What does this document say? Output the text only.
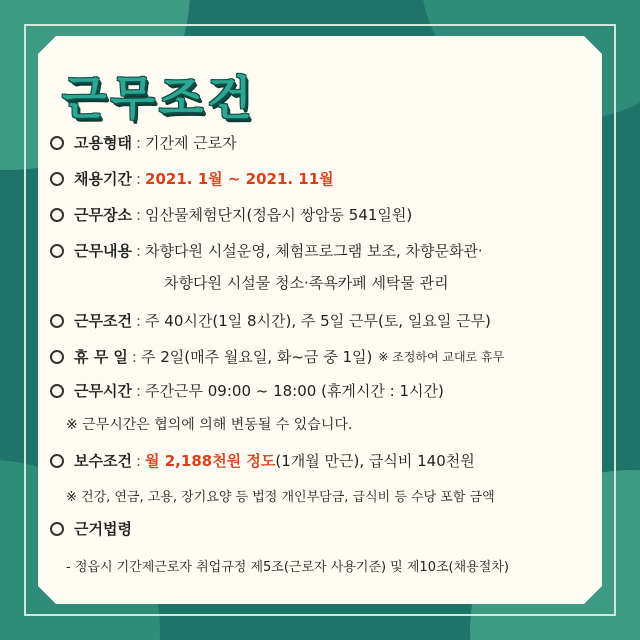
근무조건
고용형태 : 기간제 근로자
채용기간 : 2021. 1월 ~ 2021. 11월
근무장소 : 임산물체험단지(정읍시 쌍암동 541일원)
근무내용 : 차향다원 시설운영, 체험프로그램 보조, 차향문화관·
차향다원 시설물 청소·족욕카페 세탁물 관리
근무조건 : 주 40시간(1일 8시간), 주 5일 근무(토, 일요일 근무)
휴 무 일 : 주 2일(매주 월요일, 화~금 중 1일) ※ 조정하여 교대로 휴무
근무시간 : 주간근무 09:00 ~ 18:00 (휴게시간 : 1시간)
※ 근무시간은 협의에 의해 변동될 수 있습니다.
보수조건 : 월 2,188천원 정도 (1개월 만근), 급식비 140천원
※ 건강, 연금, 고용, 장기요양 등 법정 개인부담금, 급식비 등 수당 포함 금액
근거법령
- 정읍시 기간제근로자 취업규정 제5조(근로자 사용기준) 및 제10조(채용절차)
